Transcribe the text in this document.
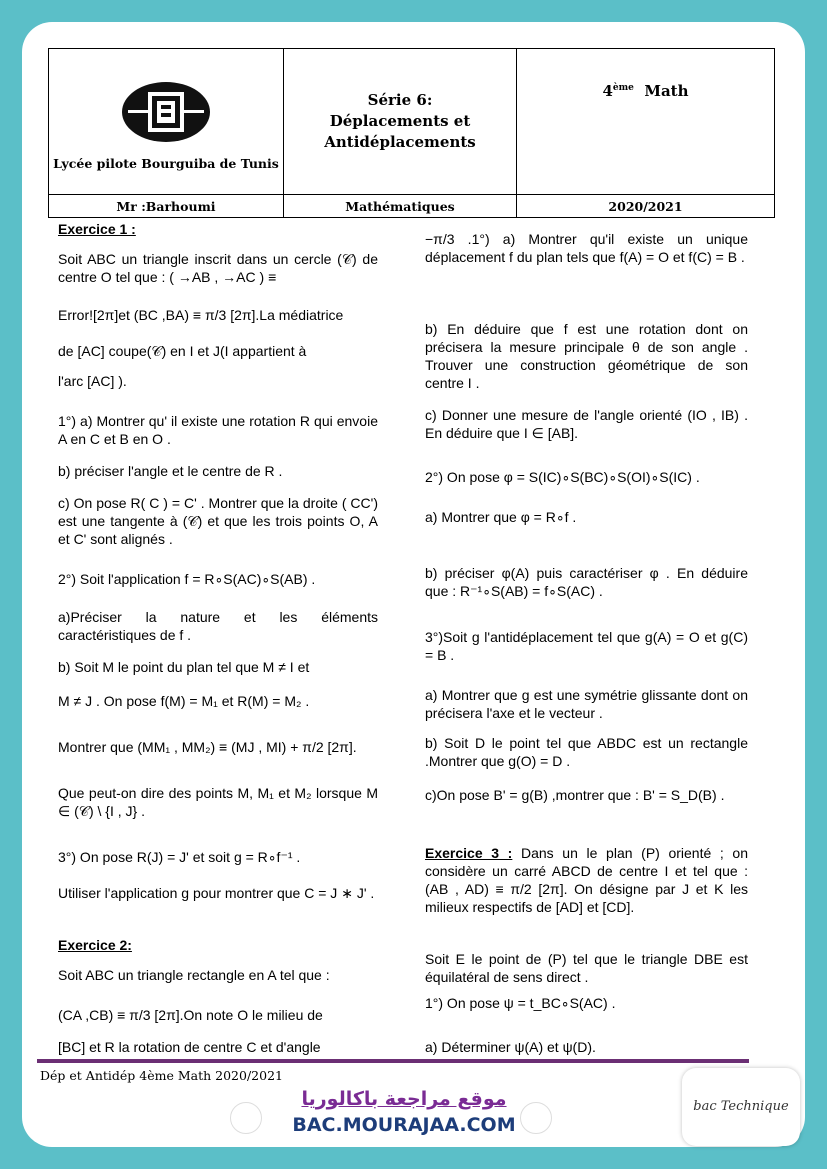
Lycée pilote Bourguiba de Tunis	Série 6: Déplacements et Antidéplacements	4ème Math

Mr :Barhoumi	Mathématiques	2020/2021

Exercice 1 :

Soit ABC un triangle inscrit dans un cercle (𝒞) de centre O tel que : ( →AB , →AC ) ≡

Error![2π]et (BC ,BA) ≡ π/3 [2π].La médiatrice

de [AC] coupe(𝒞) en I et J(I appartient à

l'arc [AC] ).

1°) a) Montrer qu' il existe une rotation R qui envoie A en C et B en O .

b) préciser l'angle et le centre de R .

c) On pose R( C ) = C' . Montrer que la droite ( CC') est une tangente à (𝒞) et que les trois points O, A et C' sont alignés .

2°) Soit l'application f = R∘S(AC)∘S(AB) .

a)Préciser la nature et les éléments caractéristiques de f .

b) Soit M le point du plan tel que M ≠ I et

M ≠ J . On pose f(M) = M₁ et R(M) = M₂ .

Montrer que (MM₁ , MM₂) ≡ (MJ , MI) + π/2 [2π].

Que peut-on dire des points M, M₁ et M₂ lorsque M ∈ (𝒞) \ {I , J} .

3°) On pose R(J) = J' et soit g = R∘f⁻¹ .

Utiliser l'application g pour montrer que C = J ∗ J' .

Exercice 2:

Soit ABC un triangle rectangle en A tel que :

(CA ,CB) ≡ π/3 [2π].On note O le milieu de

[BC] et R la rotation de centre C et d'angle

−π/3 .1°) a) Montrer qu'il existe un unique déplacement f du plan tels que f(A) = O et f(C) = B .

b) En déduire que f est une rotation dont on précisera la mesure principale θ de son angle . Trouver une construction géométrique de son centre I .

c) Donner une mesure de l'angle orienté (IO , IB) . En déduire que I ∈ [AB].

2°) On pose φ = S(IC)∘S(BC)∘S(OI)∘S(IC) .

a) Montrer que φ = R∘f .

b) préciser φ(A) puis caractériser φ . En déduire que : R⁻¹∘S(AB) = f∘S(AC) .

3°)Soit g l'antidéplacement tel que g(A) = O et g(C) = B .

a) Montrer que g est une symétrie glissante dont on précisera l'axe et le vecteur .

b) Soit D le point tel que ABDC est un rectangle .Montrer que g(O) = D .

c)On pose B' = g(B) ,montrer que : B' = S_D(B) .

Exercice 3 : Dans un le plan (P) orienté ; on considère un carré ABCD de centre I et tel que : (AB , AD) ≡ π/2 [2π]. On désigne par J et K les milieux respectifs de [AD] et [CD].

Soit E le point de (P) tel que le triangle DBE est équilatéral de sens direct .

1°) On pose ψ = t_BC∘S(AC) .

a) Déterminer ψ(A) et ψ(D).

Dép et Antidép 4ème Math 2020/2021
موقع مراجعة باكالوريا
BAC.MOURAJAA.COM
bac Technique
